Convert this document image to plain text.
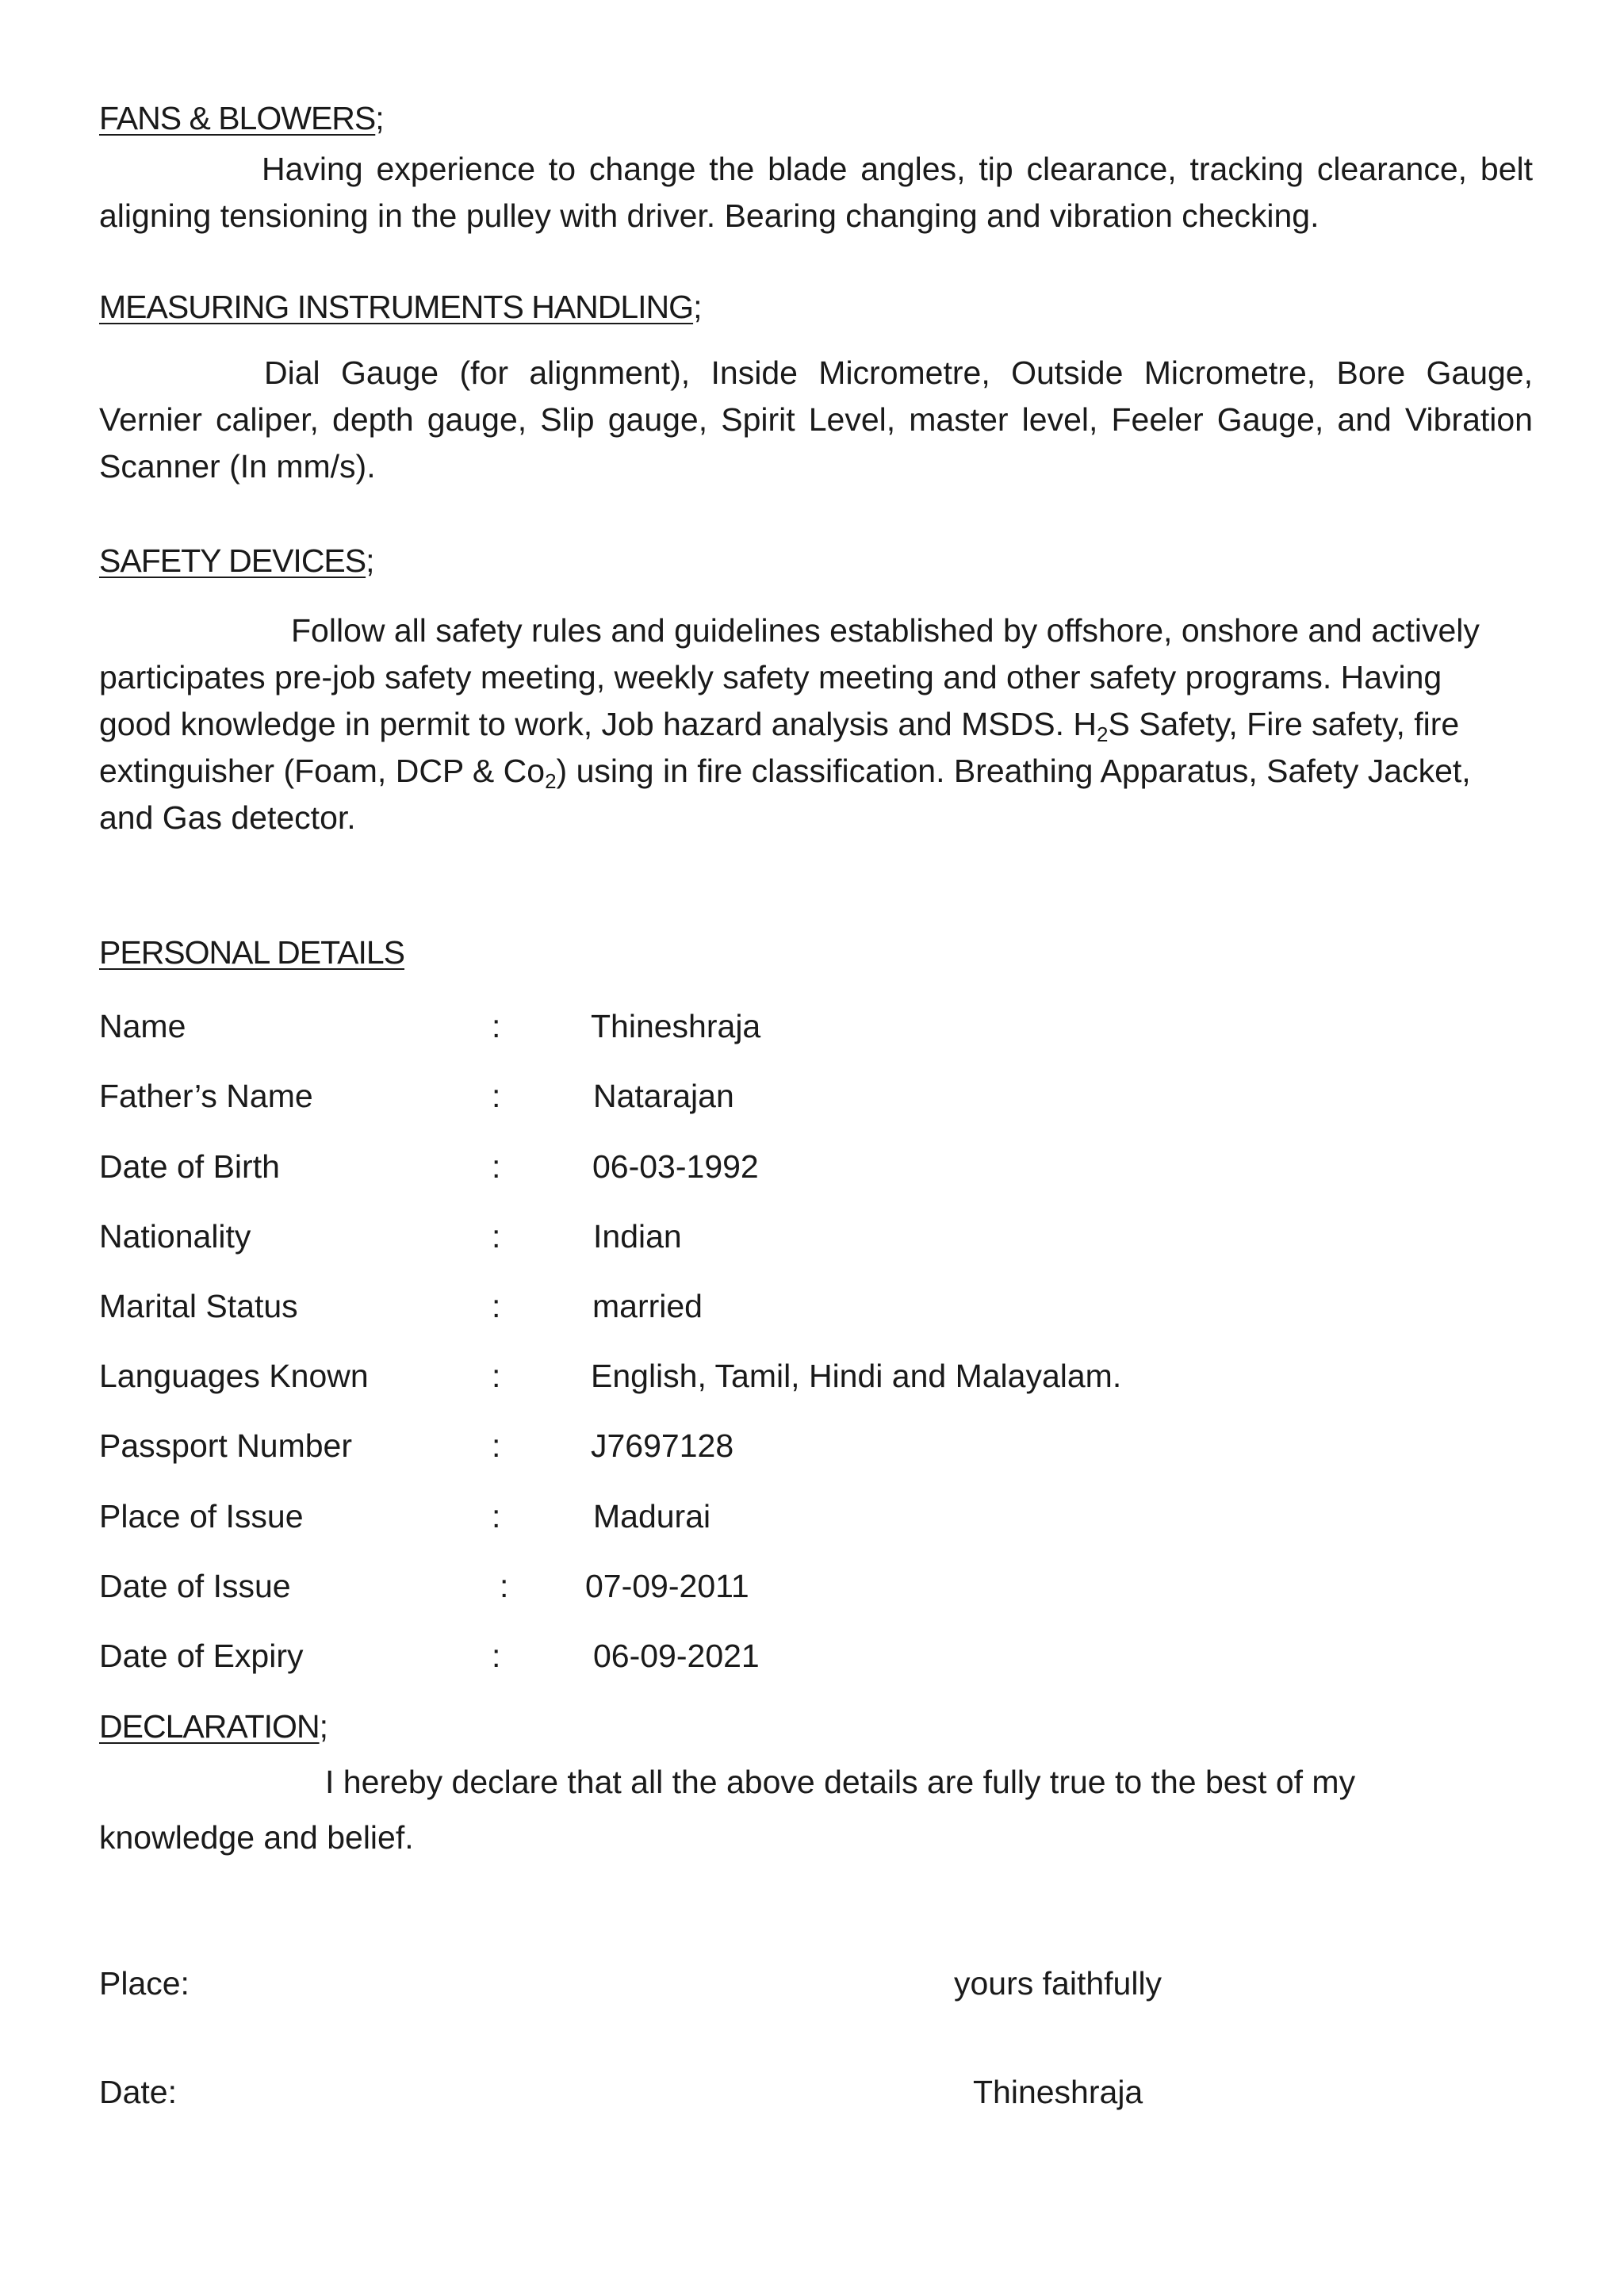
FANS & BLOWERS;

Having experience to change the blade angles, tip clearance, tracking clearance, belt aligning tensioning in the pulley with driver. Bearing changing and vibration checking.

MEASURING INSTRUMENTS HANDLING;

Dial Gauge (for alignment), Inside Micrometre, Outside Micrometre, Bore Gauge, Vernier caliper, depth gauge, Slip gauge, Spirit Level, master level, Feeler Gauge, and Vibration Scanner (In mm/s).

SAFETY DEVICES;

Follow all safety rules and guidelines established by offshore, onshore and actively participates pre-job safety meeting, weekly safety meeting and other safety programs. Having good knowledge in permit to work, Job hazard analysis and MSDS. $H_2S$ Safety, Fire safety, fire extinguisher (Foam, DCP & $Co_2$) using in fire classification. Breathing Apparatus, Safety Jacket, and Gas detector.

PERSONAL DETAILS
Name	:	Thineshraja
Father’s Name	:	Natarajan
Date of Birth	:	06-03-1992
Nationality	:	Indian
Marital Status	:	married
Languages Known	:	English, Tamil, Hindi and Malayalam.
Passport Number	:	J7697128
Place of Issue	:	Madurai
Date of Issue	: 07-09-2011
Date of Expiry	:	06-09-2021
DECLARATION;

I hereby declare that all the above details are fully true to the best of my knowledge and belief.

Place:	yours faithfully
Date:	Thineshraja
